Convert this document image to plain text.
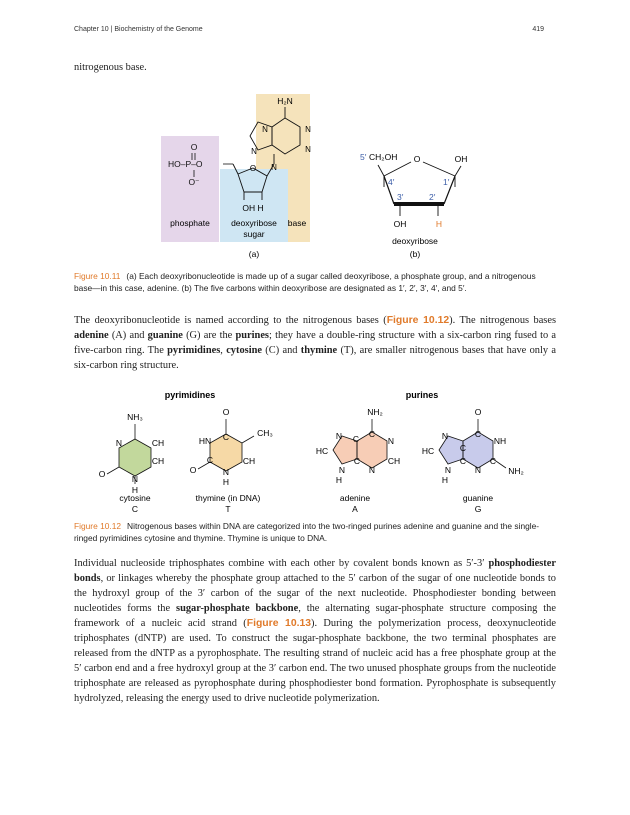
Chapter 10 | Biochemistry of the Genome	419
nitrogenous base.
O
HO–P–O
O⁻
O
OH H
H₂N
N	N
N
N
N
phosphate deoxyribose
sugar
base
(a)
5′ CH₂OH O	OH
4′	1′
3′	2′
OH	H
deoxyribose
(b)
Figure 10.11 (a) Each deoxyribonucleotide is made up of a sugar called deoxyribose, a phosphate group, and a nitrogenous base—in this case, adenine. (b) The five carbons within deoxyribose are designated as 1′, 2′, 3′, 4′, and 5′.
The deoxyribonucleotide is named according to the nitrogenous bases (Figure 10.12). The nitrogenous bases adenine (A) and guanine (G) are the purines; they have a double-ring structure with a six-carbon ring fused to a five-carbon ring. The pyrimidines, cytosine (C) and thymine (T), are smaller nitrogenous bases that have only a six-carbon ring structure.
pyrimidines	purines
NH₃
N	CH
CH
O	N
H
O
CH₃
HN C
CH
O
C
N
H
NH₂
N C C
N
HC
C	CH
N	N
H
O
N	C
NH
HC	C
C	C
NH₂
N	N
H
cytosine
C
thymine (in DNA)
T
adenine
A
guanine
G
Figure 10.12 Nitrogenous bases within DNA are categorized into the two-ringed purines adenine and guanine and the single-ringed pyrimidines cytosine and thymine. Thymine is unique to DNA.
Individual nucleoside triphosphates combine with each other by covalent bonds known as 5′-3′ phosphodiester bonds, or linkages whereby the phosphate group attached to the 5′ carbon of the sugar of one nucleotide bonds to the hydroxyl group of the 3′ carbon of the sugar of the next nucleotide. Phosphodiester bonding between nucleotides forms the sugar-phosphate backbone, the alternating sugar-phosphate structure composing the framework of a nucleic acid strand (Figure 10.13). During the polymerization process, deoxynucleotide triphosphates (dNTP) are used. To construct the sugar-phosphate backbone, the two terminal phosphates are released from the dNTP as a pyrophosphate. The resulting strand of nucleic acid has a free phosphate group at the 5′ carbon end and a free hydroxyl group at the 3′ carbon end. The two unused phosphate groups from the nucleotide triphosphate are released as pyrophosphate during phosphodiester bond formation. Pyrophosphate is subsequently hydrolyzed, releasing the energy used to drive nucleotide polymerization.
